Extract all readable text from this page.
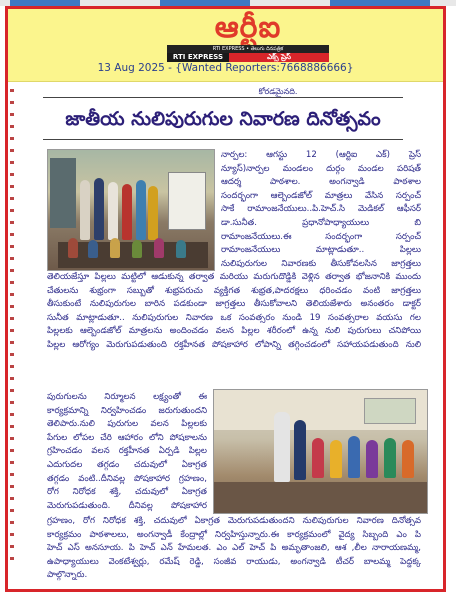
ఆర్టీఐ
RTI EXPRESS • తెలుగు దినపత్రిక
RTI EXPRESS	ఎక్స్ ప్రెస్
13 Aug 2025 - {Wanted Reporters:7668886666}
కోరడమైనది.
జాతీయ నులిపురుగుల నివారణ దినోత్సవం
నార్పల: ఆగస్టు 12 (ఆర్టిఐ ఎక్) ప్రెస్
న్యూస్)నార్పల మండలం దుర్గం మండల పరిషత్
ఆదర్శ పాఠశాల. అంగన్వాడి పాఠశాల
సందర్భంగా ఆల్బెండజోల్ మాత్రలు వేసిన సర్పంచ్
సాకే రామాంజనేయులు..పి.హెచ్.సి మెడికల్ ఆఫీసర్
డా.సునీత. ప్రధానోపాధ్యాయులు బి
రామాంజనేయులు.ఈ సందర్భంగా సర్పంచ్
రామాంజనేయులు మాట్లాడుతూ.. పిల్లలు
నులిపురుగుల నివారణకు తీసుకోవలసిన జాగ్రత్తలు
తెలియజేస్తూ పిల్లలు మట్టిలో ఆడుకున్న తర్వాత మరియు మరుగుదొడ్డికి వెళ్లిన తర్వాత భోజనానికి ముందు
చేతులను శుభ్రంగా సబ్బుతో శుభ్రపరుచు వ్యక్తిగత శుభ్రత,పాదరక్షలు ధరించడం వంటి జాగ్రత్తలు
తీసుకుంటే నులిపురుగుల బారిన పడకుండా జాగ్రత్తలు తీసుకోవాలని తెలియజేశారు అనంతరం డాక్టర్
సునీత మాట్లాడుతూ.. నులిపురుగుల నివారణ ఒక సంవత్సరం నుండి 19 సంవత్సరాల వయసు గల
పిల్లలకు ఆల్బెండజోల్ మాత్రలను అందించడం వలన పిల్లల శరీరంలో ఉన్న నులి పురుగులు చనిపోయి
పిల్లల ఆరోగ్యం మెరుగుపడుతుంది రక్తహీనత పోషకాహార లోపాన్ని తగ్గించడంలో సహాయపడుతుంది నులి
పురుగులను నిర్మూలన లక్ష్యంతో ఈ
కార్యక్రమాన్ని నిర్వహించడం జరుగుతుందని
తెలిపారు.నులి పురుగుల వలన పిల్లలకు
పేగుల లోపల చేరి ఆహారం లోని పోషకాలను
గ్రహించడం వలన రక్తహీనత ఏర్పడి పిల్లల
ఎదుగుదల తగ్గడం చదువులో ఏకాగ్రత
తగ్గడం వంటి..దీనివల్ల పోషకాహార గ్రహణం,
రోగ నిరోధక శక్తి, చదువులో ఏకాగ్రత
మెరుగుపడుతుంది. దీనివల్ల పోషకాహార
గ్రహణం, రోగ నిరోధక శక్తి, చదువులో ఏకాగ్రత మెరుగుపడుతుందని నులిపురుగుల నివారణ దినోత్సవ
కార్యక్రమం పాఠశాలలు, అంగన్వాడీ కేంద్రాల్లో నిర్వహిస్తున్నారు.ఈ కార్యక్రమంలో వైద్య సిబ్బంది ఎం పి
హెచ్ ఎస్ అనసూయ. పి హెచ్ ఎన్ హేమలత. ఎం ఎల్ హెచ్ పి అమృతాంజలి, ఆశ ,లీల నారాయణమ్మ,
ఉపాధ్యాయులు వెంకటేశ్వర్లు, రమేష్ రెడ్డి, సంజీవ రాయుడు, అంగన్వాడి టీచర్ బాలమ్మ పెద్దక్క
పాల్గొన్నారు.
